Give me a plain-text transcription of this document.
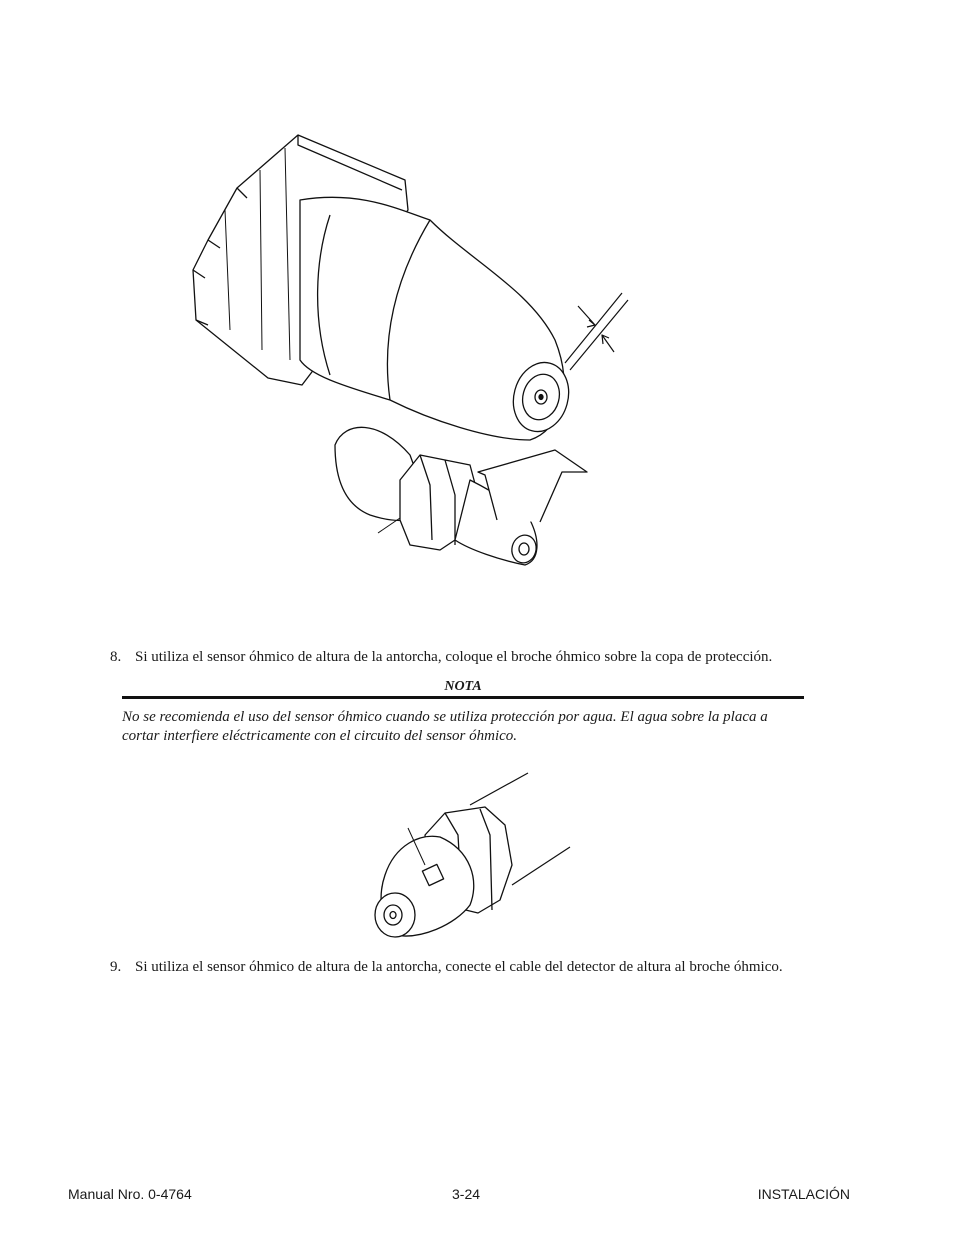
8. Si utiliza el sensor óhmico de altura de la antorcha, coloque el broche óhmico sobre la copa de protección.
NOTA
No se recomienda el uso del sensor óhmico cuando se utiliza protección por agua. El agua sobre la placa a cortar interfiere eléctricamente con el circuito del sensor óhmico.
9. Si utiliza el sensor óhmico de altura de la antorcha, conecte el cable del detector de altura al broche óhmico.
Manual Nro. 0-4764	3-24	INSTALACIÓN
